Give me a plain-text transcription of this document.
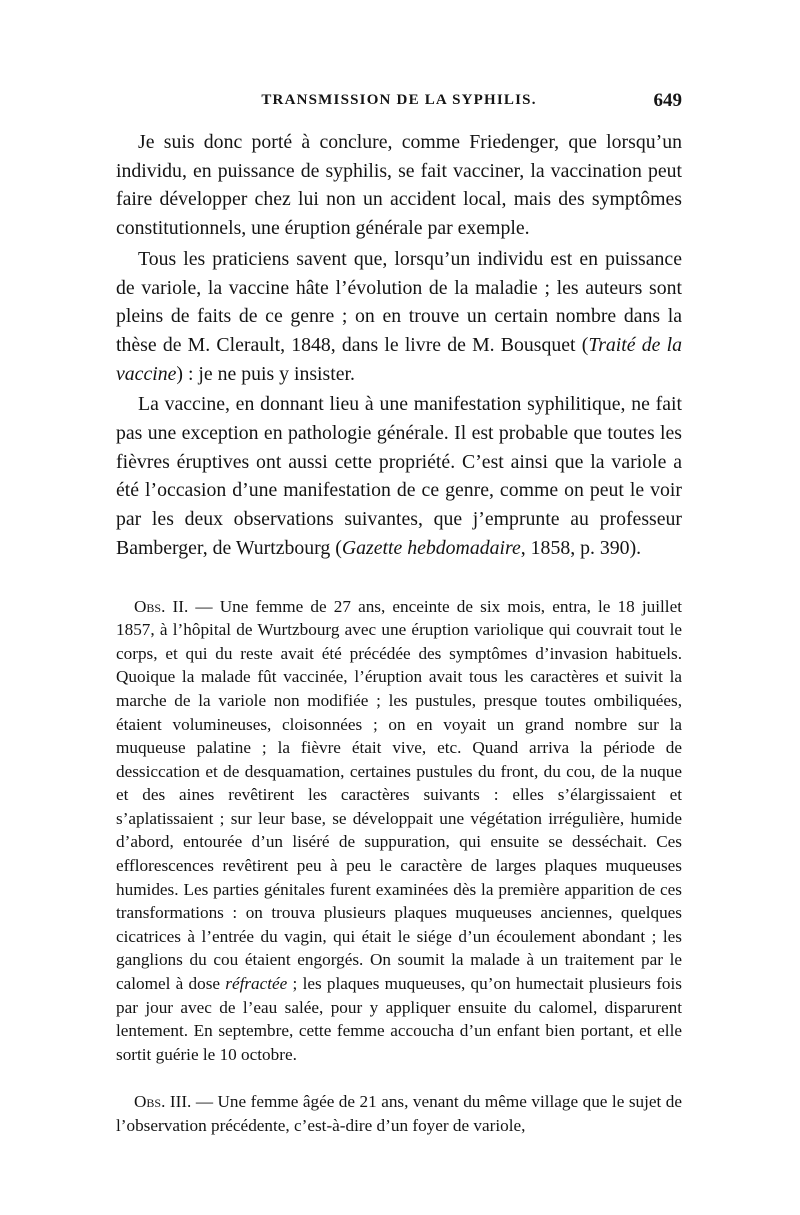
TRANSMISSION DE LA SYPHILIS.	649

Je suis donc porté à conclure, comme Friedenger, que lorsqu’un individu, en puissance de syphilis, se fait vacciner, la vaccination peut faire développer chez lui non un accident local, mais des symptômes constitutionnels, une éruption générale par exemple.

Tous les praticiens savent que, lorsqu’un individu est en puissance de variole, la vaccine hâte l’évolution de la maladie ; les auteurs sont pleins de faits de ce genre ; on en trouve un certain nombre dans la thèse de M. Clerault, 1848, dans le livre de M. Bousquet (Traité de la vaccine) : je ne puis y insister.

La vaccine, en donnant lieu à une manifestation syphilitique, ne fait pas une exception en pathologie générale. Il est probable que toutes les fièvres éruptives ont aussi cette propriété. C’est ainsi que la variole a été l’occasion d’une manifestation de ce genre, comme on peut le voir par les deux observations suivantes, que j’emprunte au professeur Bamberger, de Wurtzbourg (Gazette hebdomadaire, 1858, p. 390).

Obs. II. — Une femme de 27 ans, enceinte de six mois, entra, le 18 juillet 1857, à l’hôpital de Wurtzbourg avec une éruption variolique qui couvrait tout le corps, et qui du reste avait été précédée des symptômes d’invasion habituels. Quoique la malade fût vaccinée, l’éruption avait tous les caractères et suivit la marche de la variole non modifiée ; les pustules, presque toutes ombiliquées, étaient volumineuses, cloisonnées ; on en voyait un grand nombre sur la muqueuse palatine ; la fièvre était vive, etc. Quand arriva la période de dessiccation et de desquamation, certaines pustules du front, du cou, de la nuque et des aines revêtirent les caractères suivants : elles s’élargissaient et s’aplatissaient ; sur leur base, se développait une végétation irrégulière, humide d’abord, entourée d’un liséré de suppuration, qui ensuite se desséchait. Ces efflorescences revêtirent peu à peu le caractère de larges plaques muqueuses humides. Les parties génitales furent examinées dès la première apparition de ces transformations : on trouva plusieurs plaques muqueuses anciennes, quelques cicatrices à l’entrée du vagin, qui était le siége d’un écoulement abondant ; les ganglions du cou étaient engorgés. On soumit la malade à un traitement par le calomel à dose réfractée ; les plaques muqueuses, qu’on humectait plusieurs fois par jour avec de l’eau salée, pour y appliquer ensuite du calomel, disparurent lentement. En septembre, cette femme accoucha d’un enfant bien portant, et elle sortit guérie le 10 octobre.

Obs. III. — Une femme âgée de 21 ans, venant du même village que le sujet de l’observation précédente, c’est-à-dire d’un foyer de variole,
